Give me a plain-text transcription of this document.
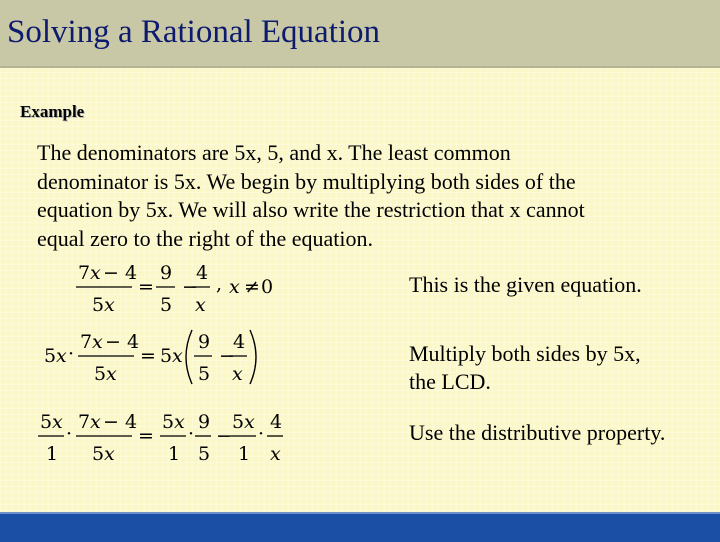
Solving a Rational Equation
Example
The denominators are 5x, 5, and x. The least common
denominator is 5x. We begin by multiplying both sides of the
equation by 5x. We will also write the restriction that x cannot
equal zero to the right of the equation.
7 x − 4
5 x
=
9
5
−
4
x
, x ≠ 0	This is the given equation.
5 x ·
7 x − 4
5 x
= 5 x
9
5
−
4
x
Multiply both sides by 5x,
the LCD.
5 x
1
·
7 x − 4
5 x
=
5 x
1
·
9
5
−
5 x
1
·
4
x
Use the distributive property.
